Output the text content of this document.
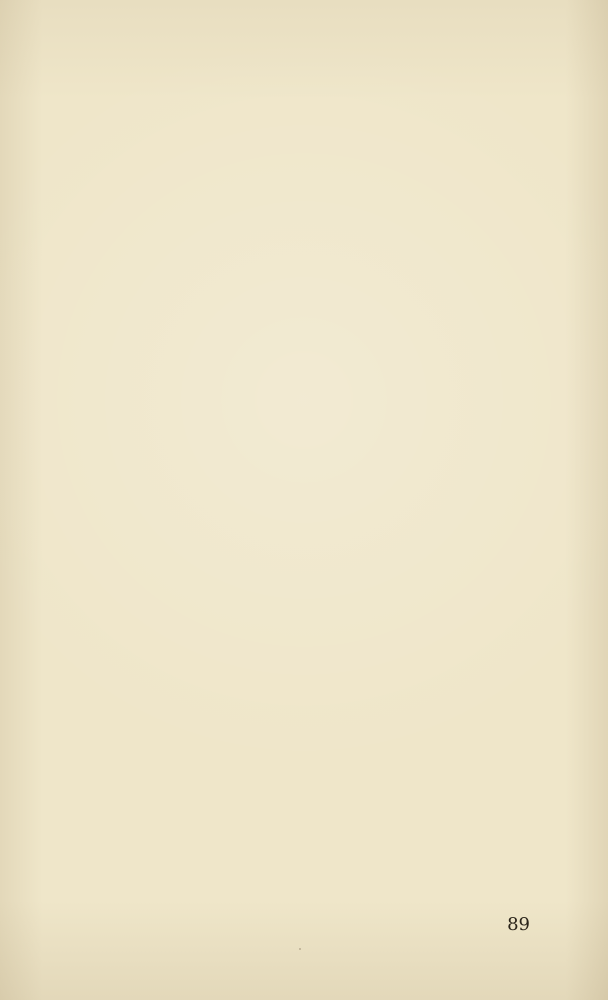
89
